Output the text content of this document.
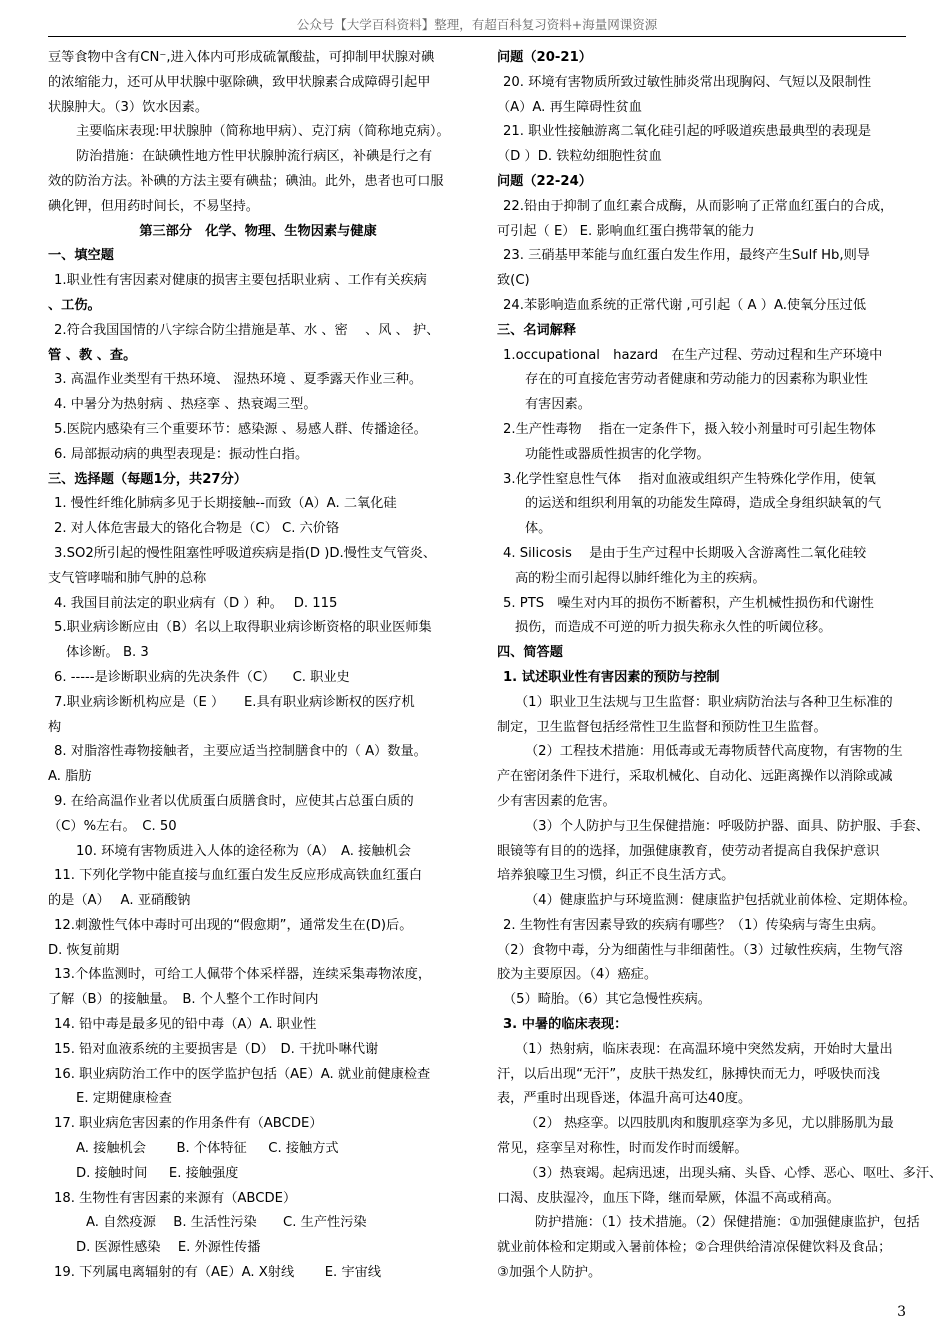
公众号【大学百科资料】整理，有超百科复习资料+海量网课资源
豆等食物中含有CN⁻,进入体内可形成硫氰酸盐，可抑制甲状腺对碘
的浓缩能力，还可从甲状腺中驱除碘，致甲状腺素合成障碍引起甲
状腺肿大。（3）饮水因素。
主要临床表现:甲状腺肿（简称地甲病）、克汀病（简称地克病）。
防治措施：在缺碘性地方性甲状腺肿流行病区，补碘是行之有
效的防治方法。补碘的方法主要有碘盐；碘油。此外，患者也可口服
碘化钾，但用药时间长，不易坚持。
第三部分　化学、物理、生物因素与健康
一、填空题
1.职业性有害因素对健康的损害主要包括职业病 、工作有关疾病
、工伤。
2.符合我国国情的八字综合防尘措施是革、水 、密 　、风 、 护、
管 、教 、查。
3. 高温作业类型有干热环境、 湿热环境 、夏季露天作业三种。
4. 中暑分为热射病 、热痉挛 、热衰竭三型。
5.医院内感染有三个重要环节：感染源 、易感人群、传播途径。
6. 局部振动病的典型表现是：振动性白指。
三、选择题（每题1分，共27分）
1. 慢性纤维化肺病多见于长期接触--而致（A）A. 二氧化硅
2. 对人体危害最大的铬化合物是（C） C. 六价铬
3.SO2所引起的慢性阻塞性呼吸道疾病是指(D )D.慢性支气管炎、
支气管哮喘和肺气肿的总称
4. 我国目前法定的职业病有（D ）种。　 D. 115
5.职业病诊断应由（B）名以上取得职业病诊断资格的职业医师集
体诊断。 B. 3
6. -----是诊断职业病的先决条件（C） 　C. 职业史
7.职业病诊断机构应是（E ）　　E.具有职业病诊断权的医疗机
构
8. 对脂溶性毒物接触者，主要应适当控制膳食中的（ A）数量。
A. 脂肪
9. 在给高温作业者以优质蛋白质膳食时，应使其占总蛋白质的
（C）%左右。　C. 50
10. 环境有害物质进入人体的途径称为（A）　A. 接触机会
11. 下列化学物中能直接与血红蛋白发生反应形成高铁血红蛋白
的是（A）　 A. 亚硝酸钠
12.刺激性气体中毒时可出现的“假愈期”，通常发生在(D)后。
D. 恢复前期
13.个体监测时，可给工人佩带个体采样器，连续采集毒物浓度，
了解（B）的接触量。　B. 个人整个工作时间内
14. 铅中毒是最多见的铅中毒（A）A. 职业性
15. 铅对血液系统的主要损害是（D）　D. 干扰卟啉代谢
16. 职业病防治工作中的医学监护包括（AE）A. 就业前健康检查
E. 定期健康检查
17. 职业病危害因素的作用条件有（ABCDE）
A. 接触机会　　 B. 个体特征 　 C. 接触方式
D. 接触时间 　 E. 接触强度
18. 生物性有害因素的来源有（ABCDE）
A. 自然疫源　 B. 生活性污染　　C. 生产性污染
D. 医源性感染　 E. 外源性传播
19. 下列属电离辐射的有（AE）A. X射线　　 E. 宇宙线
问题（20-21）
20. 环境有害物质所致过敏性肺炎常出现胸闷、气短以及限制性
（A）A. 再生障碍性贫血
21. 职业性接触游离二氧化硅引起的呼吸道疾患最典型的表现是
（D ）D. 铁粒幼细胞性贫血
问题（22-24）
22.铅由于抑制了血红素合成酶，从而影响了正常血红蛋白的合成，
可引起（ E） E. 影响血红蛋白携带氧的能力
23. 三硝基甲苯能与血红蛋白发生作用，最终产生Sulf Hb,则导
致(C)
24.苯影响造血系统的正常代谢 ,可引起（ A ）A.使氧分压过低
三、名词解释
1.occupational　hazard　在生产过程、劳动过程和生产环境中
存在的可直接危害劳动者健康和劳动能力的因素称为职业性
有害因素。
2.生产性毒物　 指在一定条件下，摄入较小剂量时可引起生物体
功能性或器质性损害的化学物。
3.化学性窒息性气体　 指对血液或组织产生特殊化学作用，使氧
的运送和组织利用氧的功能发生障碍，造成全身组织缺氧的气
体。
4. Silicosis　 是由于生产过程中长期吸入含游离性二氧化硅较
高的粉尘而引起得以肺纤维化为主的疾病。
5. PTS　噪生对内耳的损伤不断蓄积，产生机械性损伤和代谢性
损伤，而造成不可逆的听力损失称永久性的听阈位移。
四、简答题
1. 试述职业性有害因素的预防与控制
（1）职业卫生法规与卫生监督：职业病防治法与各种卫生标准的
制定，卫生监督包括经常性卫生监督和预防性卫生监督。
（2）工程技术措施：用低毒或无毒物质替代高度物，有害物的生
产在密闭条件下进行，采取机械化、自动化、远距离操作以消除或减
少有害因素的危害。
（3）个人防护与卫生保健措施：呼吸防护器、面具、防护服、手套、
眼镜等有目的的选择，加强健康教育，使劳动者提高自我保护意识
培养狼嚎卫生习惯，纠正不良生活方式。
（4）健康监护与环境监测：健康监护包括就业前体检、定期体检。
2. 生物性有害因素导致的疾病有哪些？（1）传染病与寄生虫病。
（2）食物中毒，分为细菌性与非细菌性。（3）过敏性疾病，生物气溶
胶为主要原因。（4）癌症。
（5）畸胎。（6）其它急慢性疾病。
3. 中暑的临床表现：
（1）热射病，临床表现：在高温环境中突然发病，开始时大量出
汗，以后出现“无汗”，皮肤干热发红，脉搏快而无力，呼吸快而浅
表，严重时出现昏迷，体温升高可达40度。
（2） 热痉挛。以四肢肌肉和腹肌痉挛为多见，尤以腓肠肌为最
常见，痉挛呈对称性，时而发作时而缓解。
（3）热衰竭。起病迅速，出现头痛、头昏、心悸、恶心、呕吐、多汗、
口渴、皮肤湿冷，血压下降，继而晕厥，体温不高或稍高。
防护措施：（1）技术措施。（2）保健措施：①加强健康监护，包括
就业前体检和定期或入暑前体检；②合理供给清凉保健饮料及食品；
③加强个人防护。
3
